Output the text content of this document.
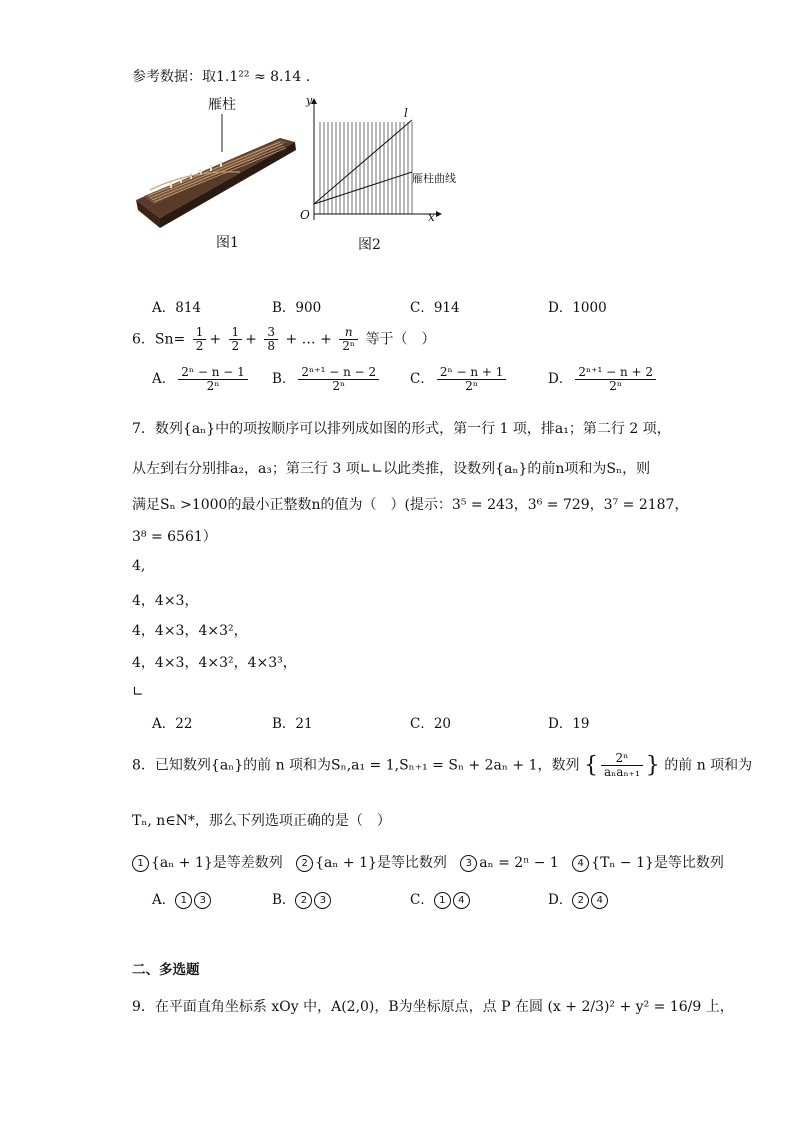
参考数据：取1.1²² ≈ 8.14 .
雁柱
图1
y
x
O
l
雁柱曲线
图2
A．814	B．900	C．914	D．1000
6．$Sn= \frac{1}{2} + \frac{1}{2} + \frac{3}{8}$ + … + $\frac{n}{\text{2ⁿ}}$ 等于（　）
A． $\frac{\text{2ⁿ − n − 1}}{\text{2ⁿ}}$ B． $\frac{\text{2ⁿ⁺¹ − n − 2}}{\text{2ⁿ}}$ C． $\frac{\text{2ⁿ − n + 1}}{\text{2ⁿ}}$	D． $\frac{\text{2ⁿ⁺¹ − n + 2}}{\text{2ⁿ}}$
7．数列{aₙ}中的项按顺序可以排列成如图的形式，第一行 1 项，排a₁；第二行 2 项，
从左到右分别排a₂，a₃；第三行 3 项∟∟以此类推，设数列{aₙ}的前n项和为Sₙ，则
满足Sₙ >1000的最小正整数n的值为（　）(提示：3⁵ = 243，3⁶ = 729，3⁷ = 2187，
3⁸ = 6561）
4,
4，4×3，
4，4×3，4×3²，
4，4×3，4×3²，4×3³，
∟
A．22	B．21	C．20	D．19
8．已知数列{aₙ}的前 n 项和为Sₙ,a₁ = 1,Sₙ₊₁ = Sₙ + 2aₙ + 1，数列 { $\frac{\text{2ⁿ}}{\text{aₙaₙ₊₁}}$ } 的前 n 项和为
Tₙ, n∈N*，那么下列选项正确的是（　）
1 {aₙ + 1}是等差数列 2 {aₙ + 1}是等比数列 3 aₙ = 2ⁿ − 1 4 {Tₙ − 1}是等比数列
A． 1 3	B． 2 3	C． 1 4	D． 2 4
二、多选题
9．在平面直角坐标系 xOy 中，A(2,0)，B为坐标原点，点 P 在圆 (x + 2/3)² + y² = 16/9 上，
